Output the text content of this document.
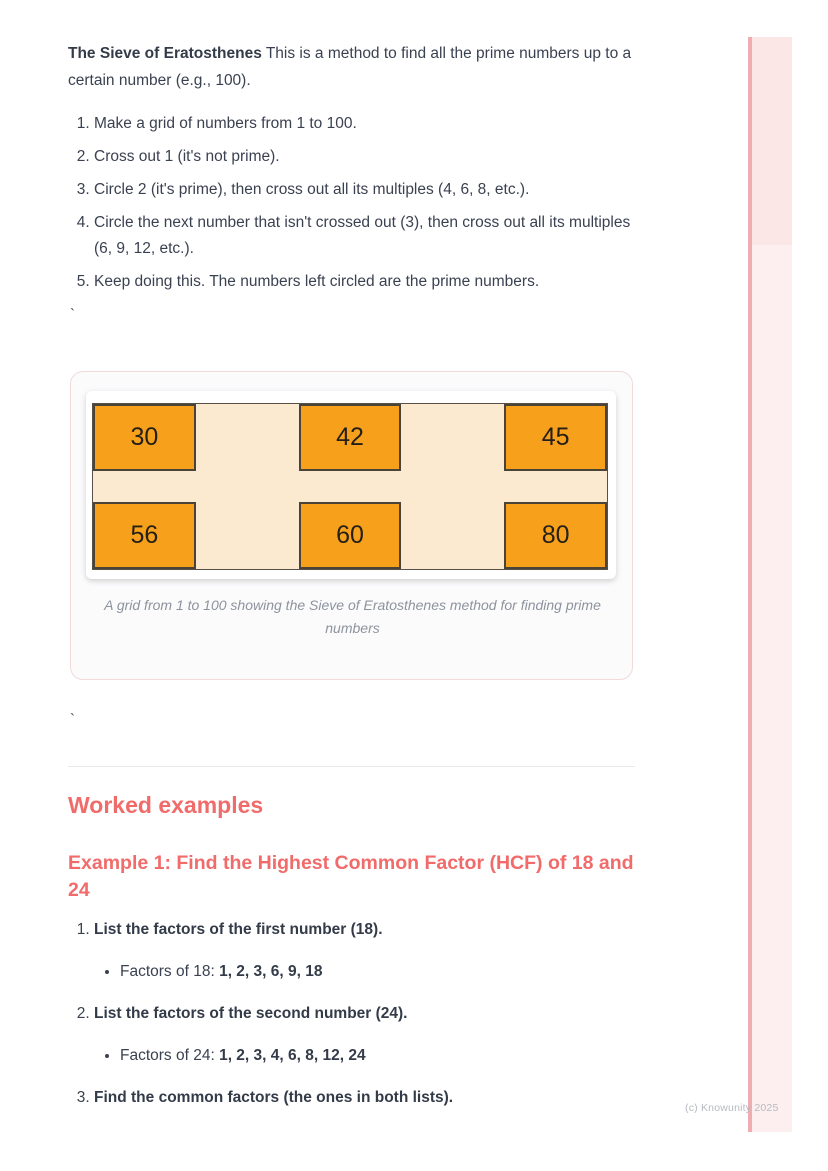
The Sieve of Eratosthenes This is a method to find all the prime numbers up to a certain number (e.g., 100).

1. Make a grid of numbers from 1 to 100.
2. Cross out 1 (it's not prime).
3. Circle 2 (it's prime), then cross out all its multiples (4, 6, 8, etc.).
4. Circle the next number that isn't crossed out (3), then cross out all its multiples (6, 9, 12, etc.).
5. Keep doing this. The numbers left circled are the prime numbers.
`
30	42	45
56	60	80
A grid from 1 to 100 showing the Sieve of Eratosthenes method for finding prime numbers
`
Worked examples
Example 1: Find the Highest Common Factor (HCF) of 18 and 24
1. List the factors of the first number (18).
• Factors of 18: 1, 2, 3, 6, 9, 18
2. List the factors of the second number (24).
• Factors of 24: 1, 2, 3, 4, 6, 8, 12, 24
3. Find the common factors (the ones in both lists).
(c) Knowunity 2025
